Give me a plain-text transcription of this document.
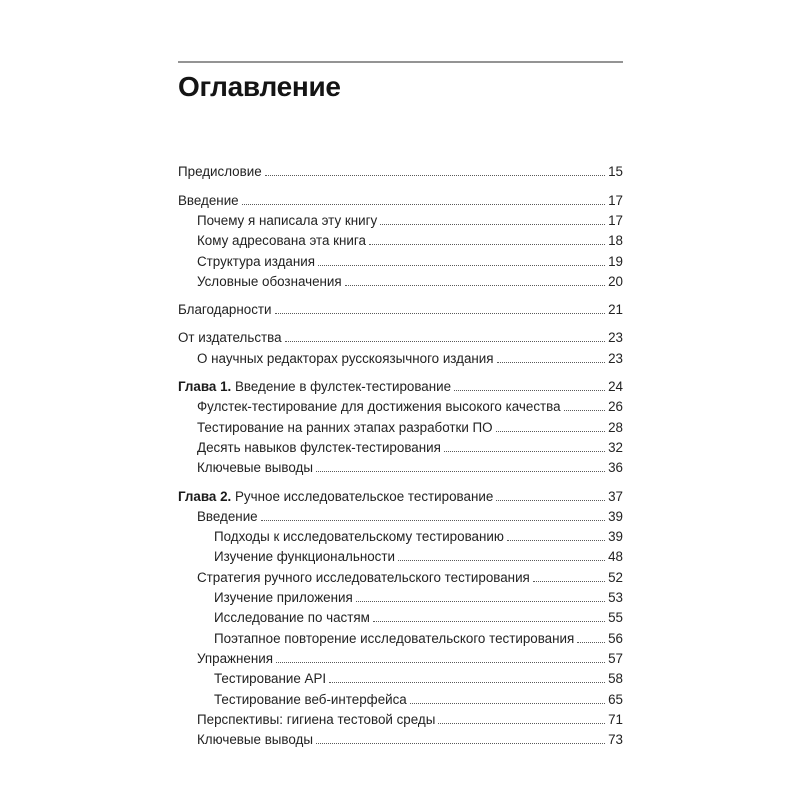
Оглавление
Предисловие	15
Введение	17
Почему я написала эту книгу	17
Кому адресована эта книга	18
Структура издания	19
Условные обозначения	20
Благодарности	21
От издательства	23
О научных редакторах русскоязычного издания	23
Глава 1. Введение в фулстек-тестирование	24
Фулстек-тестирование для достижения высокого качества	26
Тестирование на ранних этапах разработки ПО	28
Десять навыков фулстек-тестирования	32
Ключевые выводы	36
Глава 2. Ручное исследовательское тестирование	37
Введение	39
Подходы к исследовательскому тестированию	39
Изучение функциональности	48
Стратегия ручного исследовательского тестирования	52
Изучение приложения	53
Исследование по частям	55
Поэтапное повторение исследовательского тестирования	56
Упражнения	57
Тестирование API	58
Тестирование веб-интерфейса	65
Перспективы: гигиена тестовой среды	71
Ключевые выводы	73
